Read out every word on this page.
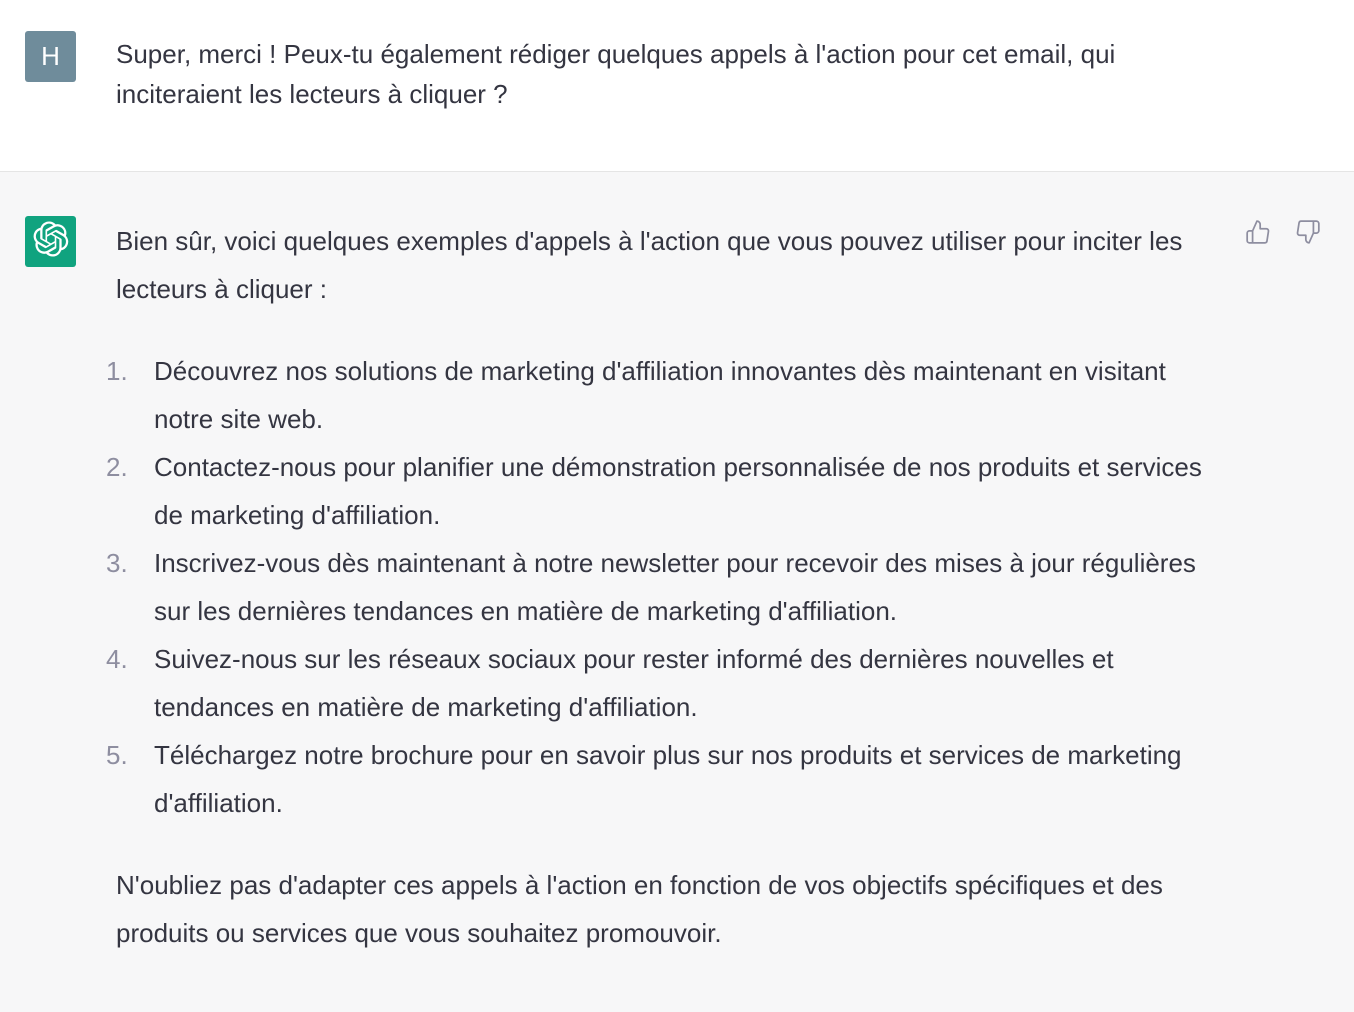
H Super, merci ! Peux-tu également rédiger quelques appels à l'action pour cet email, qui inciteraient les lecteurs à cliquer ?

Bien sûr, voici quelques exemples d'appels à l'action que vous pouvez utiliser pour inciter les lecteurs à cliquer :

1. Découvrez nos solutions de marketing d'affiliation innovantes dès maintenant en visitant notre site web.
2. Contactez-nous pour planifier une démonstration personnalisée de nos produits et services de marketing d'affiliation.
3. Inscrivez-vous dès maintenant à notre newsletter pour recevoir des mises à jour régulières sur les dernières tendances en matière de marketing d'affiliation.
4. Suivez-nous sur les réseaux sociaux pour rester informé des dernières nouvelles et tendances en matière de marketing d'affiliation.
5. Téléchargez notre brochure pour en savoir plus sur nos produits et services de marketing d'affiliation.

N'oubliez pas d'adapter ces appels à l'action en fonction de vos objectifs spécifiques et des produits ou services que vous souhaitez promouvoir.
